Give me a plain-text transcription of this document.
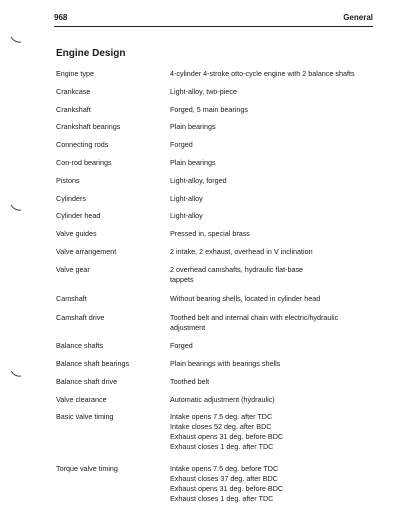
968	General
Engine Design
Engine type	4-cylinder 4-stroke otto-cycle engine with 2 balance shafts
Crankcase	Light-alloy, two-piece
Crankshaft	Forged, 5 main bearings
Crankshaft bearings	Plain bearings
Connecting rods	Forged
Con-rod bearings	Plain bearings
Pistons	Light-alloy, forged
Cylinders	Light-alloy
Cylinder head	Light-alloy
Valve guides	Pressed in, special brass
Valve arrangement	2 intake, 2 exhaust, overhead in V inclination
Valve gear	2 overhead camshafts, hydraulic flat-base
tappets
Camshaft	Without bearing shells, located in cylinder head
Camshaft drive	Toothed belt and internal chain with electric/hydraulic
adjustment
Balance shafts	Forged
Balance shaft bearings	Plain bearings with bearings shells
Balance shaft drive	Toothed belt
Valve clearance	Automatic adjustment (hydraulic)
Basic valve timing	Intake opens 7.5 deg. after TDC
Intake closes 52 deg. after BDC
Exhaust opens 31 deg. before BDC
Exhaust closes 1 deg. after TDC
Torque valve timing	Intake opens 7.5 deg. before TDC
Exhaust closes 37 deg. after BDC
Exhaust opens 31 deg. before BDC
Exhaust closes 1 deg. after TDC
